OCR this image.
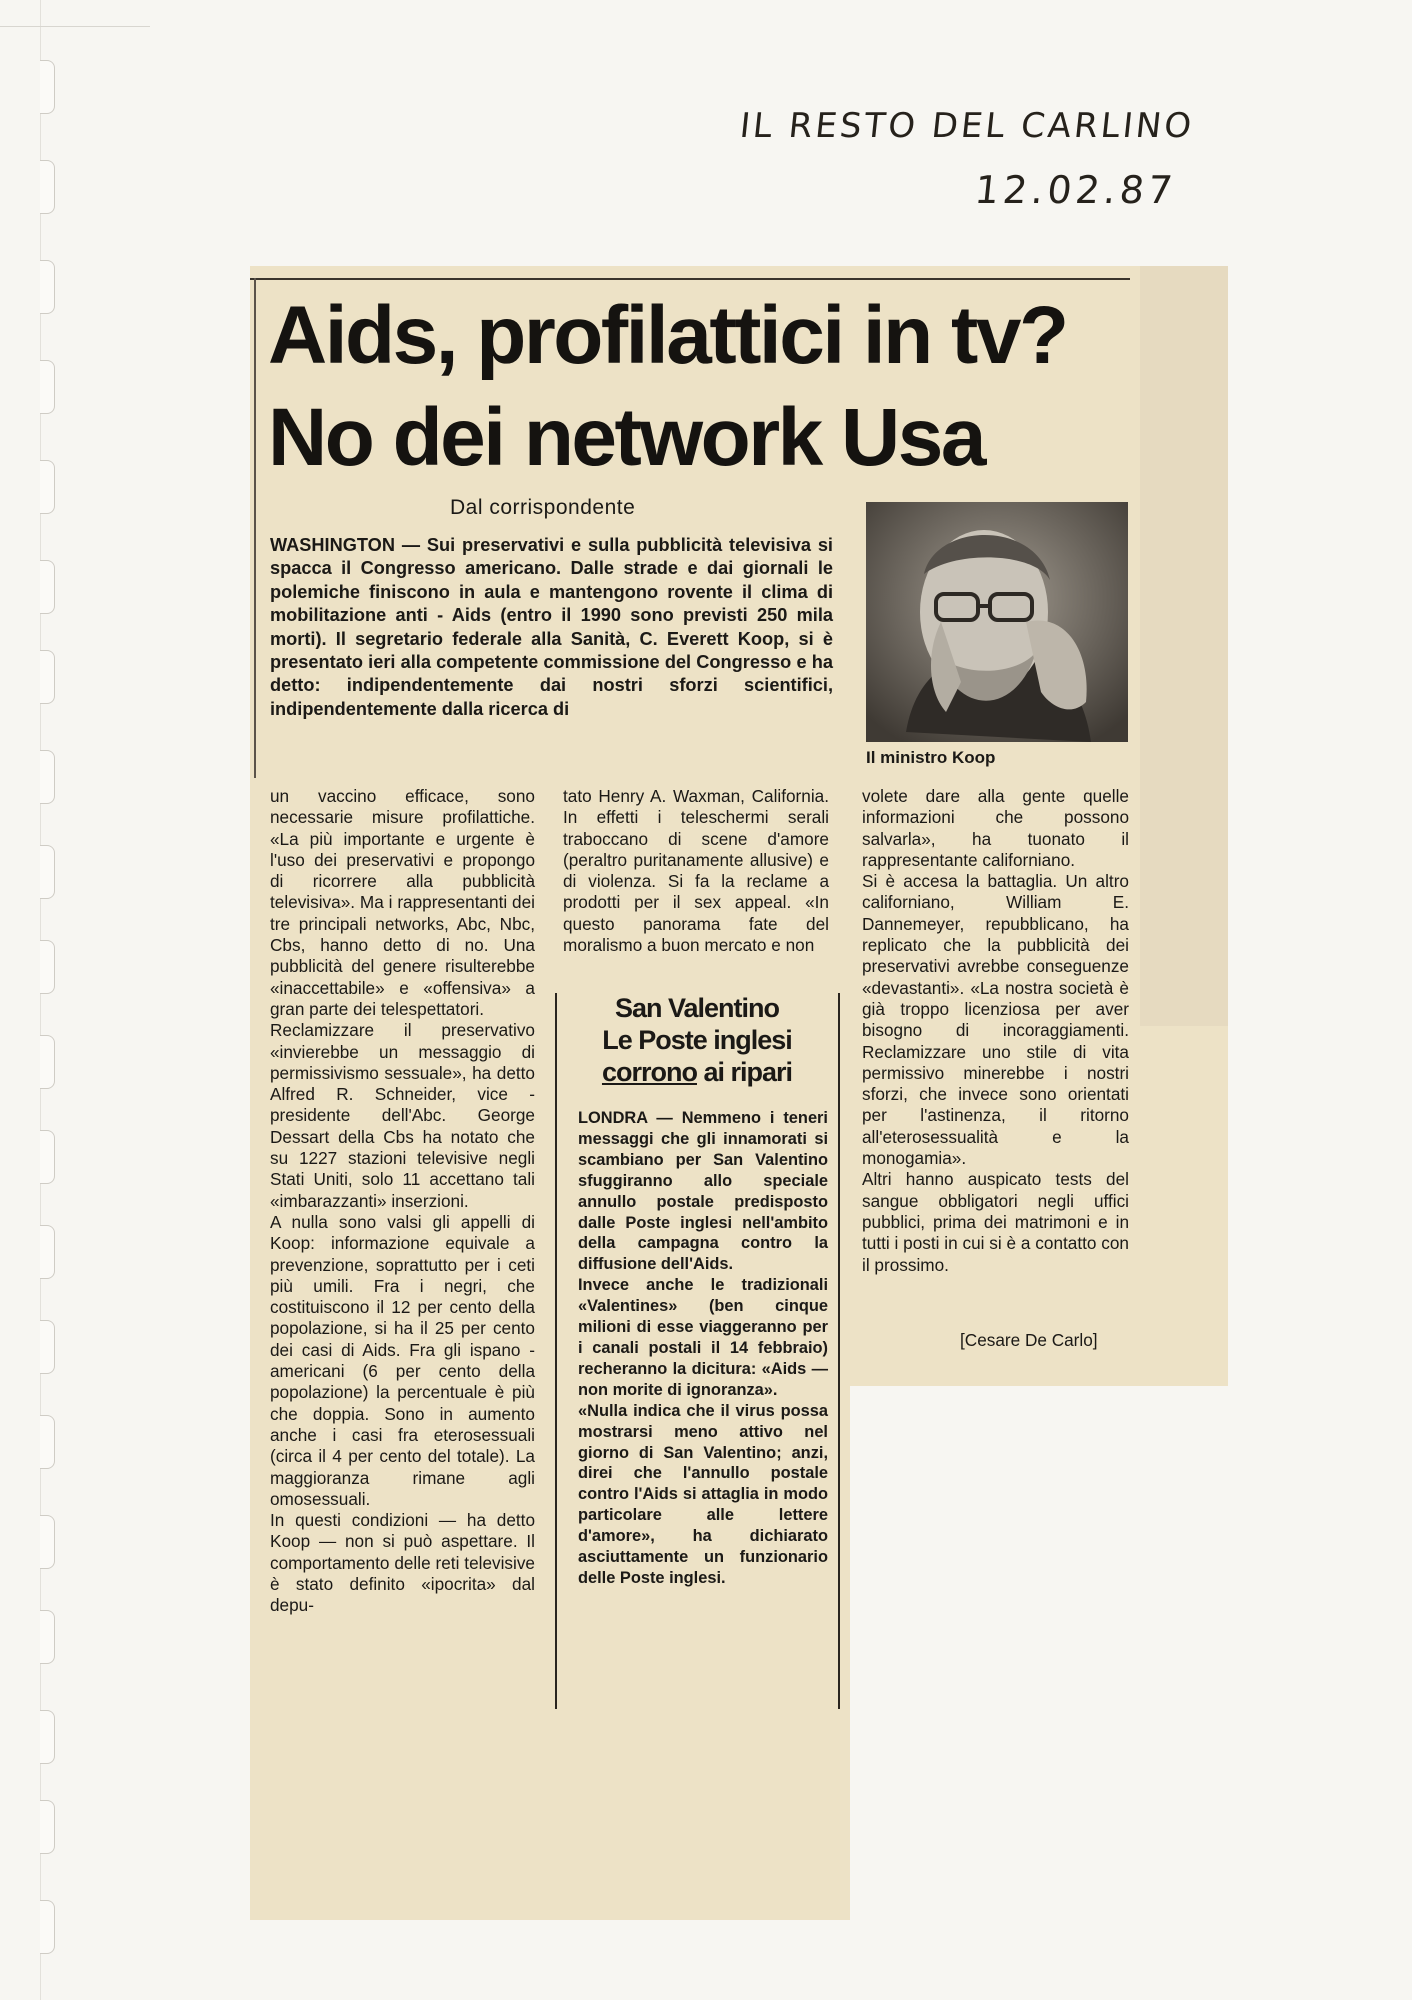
IL RESTO DEL CARLINO
12.02.87
Aids, profilattici in tv?
No dei network Usa
Dal corrispondente

WASHINGTON — Sui preservativi e sulla pubblicità televisiva si spacca il Congresso americano. Dalle strade e dai giornali le polemiche finiscono in aula e mantengono rovente il clima di mobilitazione anti - Aids (entro il 1990 sono previsti 250 mila morti). Il segretario federale alla Sanità, C. Everett Koop, si è presentato ieri alla competente commissione del Congresso e ha detto: indipendentemente dai nostri sforzi scientifici, indipendentemente dalla ricerca di

Il ministro Koop

un vaccino efficace, sono necessarie misure profilattiche. «La più importante e urgente è l'uso dei preservativi e propongo di ricorrere alla pubblicità televisiva». Ma i rappresentanti dei tre principali networks, Abc, Nbc, Cbs, hanno detto di no. Una pubblicità del genere risulterebbe «inaccettabile» e «offensiva» a gran parte dei telespettatori.

Reclamizzare il preservativo «invierebbe un messaggio di permissivismo sessuale», ha detto Alfred R. Schneider, vice - presidente dell'Abc. George Dessart della Cbs ha notato che su 1227 stazioni televisive negli Stati Uniti, solo 11 accettano tali «imbarazzanti» inserzioni.

A nulla sono valsi gli appelli di Koop: informazione equivale a prevenzione, soprattutto per i ceti più umili. Fra i negri, che costituiscono il 12 per cento della popolazione, si ha il 25 per cento dei casi di Aids. Fra gli ispano - americani (6 per cento della popolazione) la percentuale è più che doppia. Sono in aumento anche i casi fra eterosessuali (circa il 4 per cento del totale). La maggioranza rimane agli omosessuali.

In questi condizioni — ha detto Koop — non si può aspettare. Il comportamento delle reti televisive è stato definito «ipocrita» dal depu-

tato Henry A. Waxman, California. In effetti i teleschermi serali traboccano di scene d'amore (peraltro puritanamente allusive) e di violenza. Si fa la reclame a prodotti per il sex appeal. «In questo panorama fate del moralismo a buon mercato e non

volete dare alla gente quelle informazioni che possono salvarla», ha tuonato il rappresentante californiano.

Si è accesa la battaglia. Un altro californiano, William E. Dannemeyer, repubblicano, ha replicato che la pubblicità dei preservativi avrebbe conseguenze «devastanti». «La nostra società è già troppo licenziosa per aver bisogno di incoraggiamenti. Reclamizzare uno stile di vita permissivo minerebbe i nostri sforzi, che invece sono orientati per l'astinenza, il ritorno all'eterosessualità e la monogamia».

Altri hanno auspicato tests del sangue obbligatori negli uffici pubblici, prima dei matrimoni e in tutti i posti in cui si è a contatto con il prossimo.

[Cesare De Carlo]
San Valentino
Le Poste inglesi
corrono ai ripari

LONDRA — Nemmeno i teneri messaggi che gli innamorati si scambiano per San Valentino sfuggiranno allo speciale annullo postale predisposto dalle Poste inglesi nell'ambito della campagna contro la diffusione dell'Aids.

Invece anche le tradizionali «Valentines» (ben cinque milioni di esse viaggeranno per i canali postali il 14 febbraio) recheranno la dicitura: «Aids — non morite di ignoranza».

«Nulla indica che il virus possa mostrarsi meno attivo nel giorno di San Valentino; anzi, direi che l'annullo postale contro l'Aids si attaglia in modo particolare alle lettere d'amore», ha dichiarato asciuttamente un funzionario delle Poste inglesi.
